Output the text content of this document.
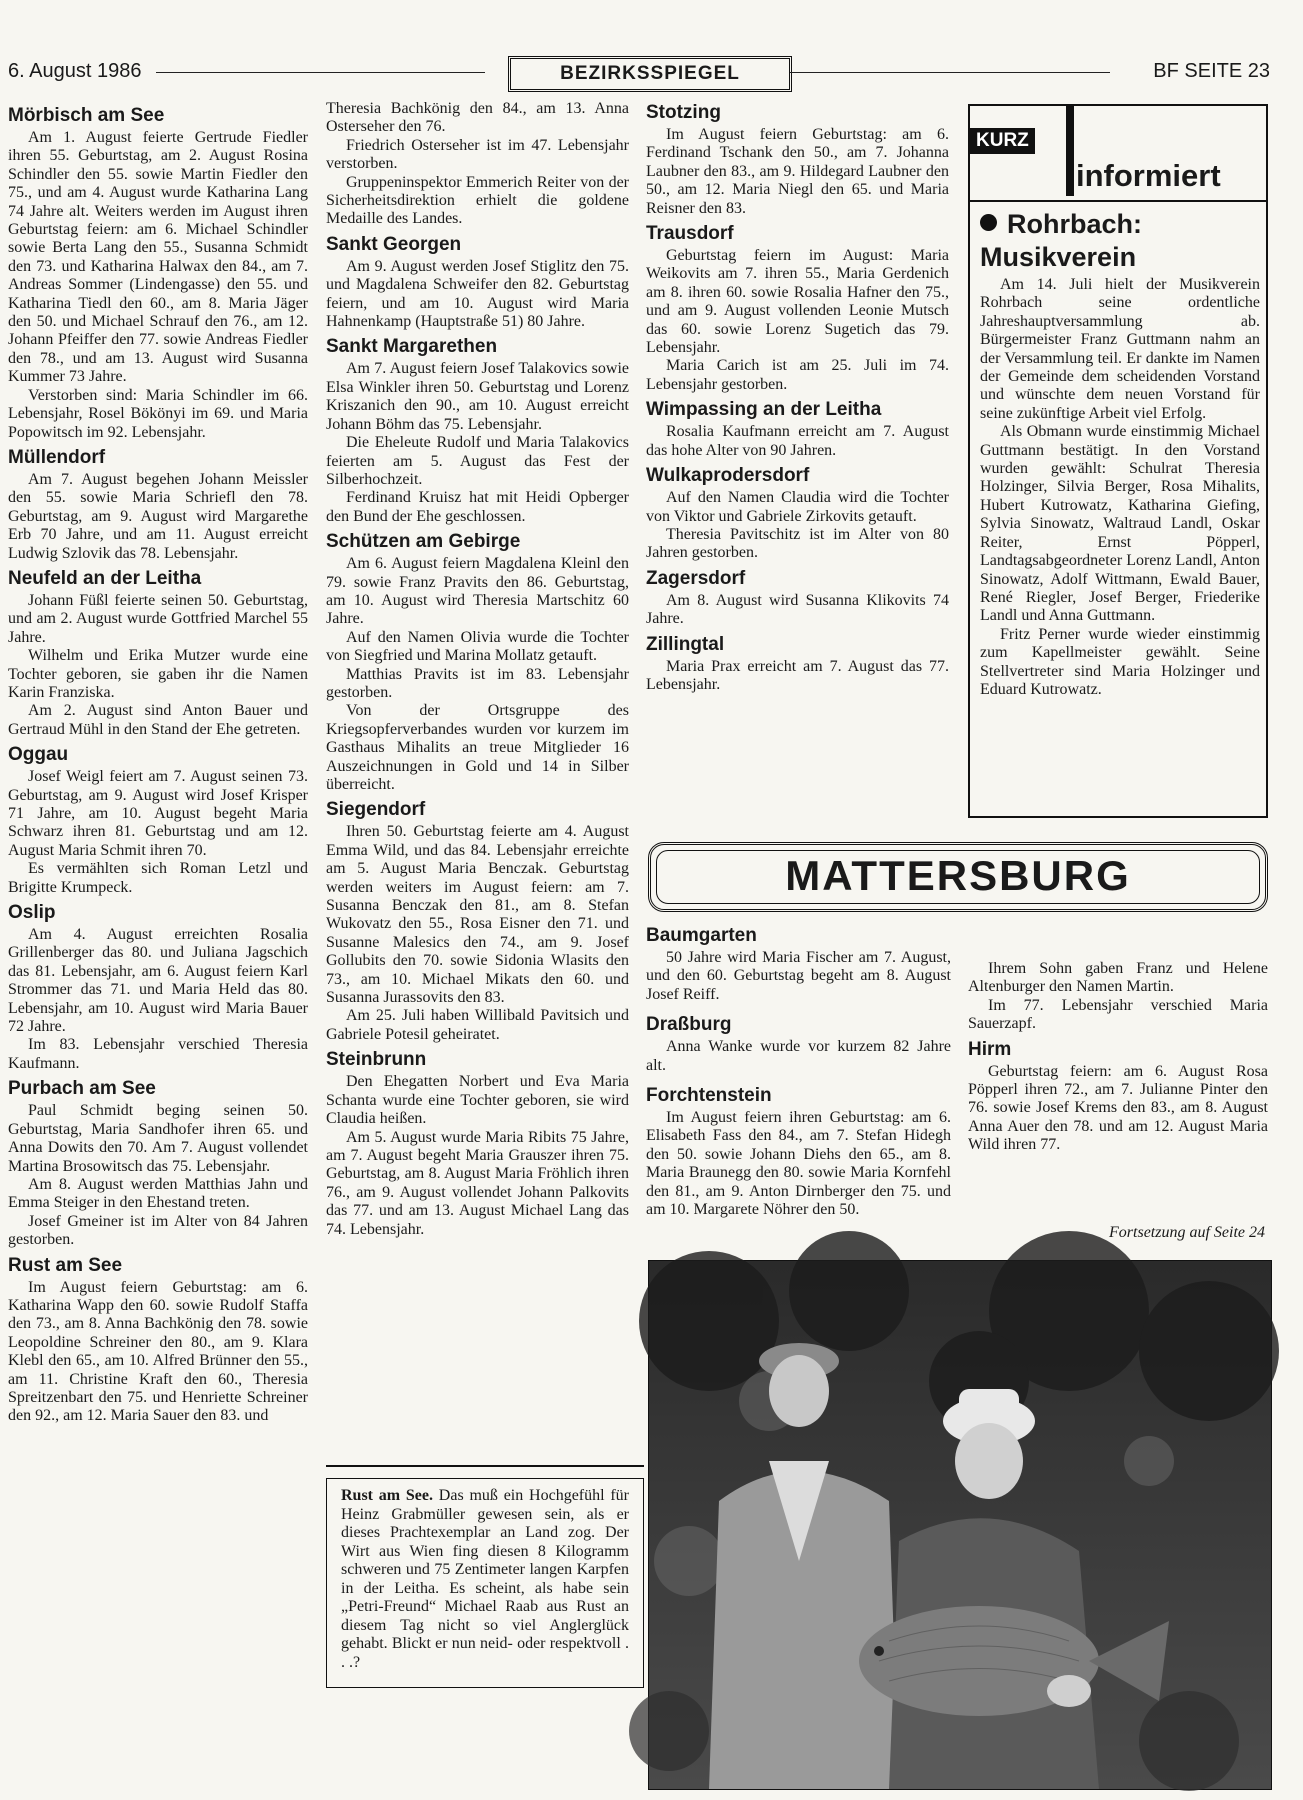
6. August 1986	BEZIRKSSPIEGEL	BF SEITE 23
Mörbisch am See

Am 1. August feierte Gertrude Fiedler ihren 55. Geburtstag, am 2. August Rosina Schindler den 55. sowie Martin Fiedler den 75., und am 4. August wurde Katharina Lang 74 Jahre alt. Weiters werden im August ihren Geburtstag feiern: am 6. Michael Schindler sowie Berta Lang den 55., Susanna Schmidt den 73. und Katharina Halwax den 84., am 7. Andreas Sommer (Lindengasse) den 55. und Katharina Tiedl den 60., am 8. Maria Jäger den 50. und Michael Schrauf den 76., am 12. Johann Pfeiffer den 77. sowie Andreas Fiedler den 78., und am 13. August wird Susanna Kummer 73 Jahre.

Verstorben sind: Maria Schindler im 66. Lebensjahr, Rosel Bökönyi im 69. und Maria Popowitsch im 92. Lebensjahr.

Müllendorf

Am 7. August begehen Johann Meissler den 55. sowie Maria Schriefl den 78. Geburtstag, am 9. August wird Margarethe Erb 70 Jahre, und am 11. August erreicht Ludwig Szlovik das 78. Lebensjahr.

Neufeld an der Leitha

Johann Füßl feierte seinen 50. Geburtstag, und am 2. August wurde Gottfried Marchel 55 Jahre.

Wilhelm und Erika Mutzer wurde eine Tochter geboren, sie gaben ihr die Namen Karin Franziska.

Am 2. August sind Anton Bauer und Gertraud Mühl in den Stand der Ehe getreten.

Oggau

Josef Weigl feiert am 7. August seinen 73. Geburtstag, am 9. August wird Josef Krisper 71 Jahre, am 10. August begeht Maria Schwarz ihren 81. Geburtstag und am 12. August Maria Schmit ihren 70.

Es vermählten sich Roman Letzl und Brigitte Krumpeck.

Oslip

Am 4. August erreichten Rosalia Grillenberger das 80. und Juliana Jagschich das 81. Lebensjahr, am 6. August feiern Karl Strommer das 71. und Maria Held das 80. Lebensjahr, am 10. August wird Maria Bauer 72 Jahre.

Im 83. Lebensjahr verschied Theresia Kaufmann.

Purbach am See

Paul Schmidt beging seinen 50. Geburtstag, Maria Sandhofer ihren 65. und Anna Dowits den 70. Am 7. August vollendet Martina Brosowitsch das 75. Lebensjahr.

Am 8. August werden Matthias Jahn und Emma Steiger in den Ehestand treten.

Josef Gmeiner ist im Alter von 84 Jahren gestorben.

Rust am See

Im August feiern Geburtstag: am 6. Katharina Wapp den 60. sowie Rudolf Staffa den 73., am 8. Anna Bachkönig den 78. sowie Leopoldine Schreiner den 80., am 9. Klara Klebl den 65., am 10. Alfred Brünner den 55., am 11. Christine Kraft den 60., Theresia Spreitzenbart den 75. und Henriette Schreiner den 92., am 12. Maria Sauer den 83. und

Theresia Bachkönig den 84., am 13. Anna Osterseher den 76.

Friedrich Osterseher ist im 47. Lebensjahr verstorben.

Gruppeninspektor Emmerich Reiter von der Sicherheitsdirektion erhielt die goldene Medaille des Landes.

Sankt Georgen

Am 9. August werden Josef Stiglitz den 75. und Magdalena Schweifer den 82. Geburtstag feiern, und am 10. August wird Maria Hahnenkamp (Hauptstraße 51) 80 Jahre.

Sankt Margarethen

Am 7. August feiern Josef Talakovics sowie Elsa Winkler ihren 50. Geburtstag und Lorenz Kriszanich den 90., am 10. August erreicht Johann Böhm das 75. Lebensjahr.

Die Eheleute Rudolf und Maria Talakovics feierten am 5. August das Fest der Silberhochzeit.

Ferdinand Kruisz hat mit Heidi Opberger den Bund der Ehe geschlossen.

Schützen am Gebirge

Am 6. August feiern Magdalena Kleinl den 79. sowie Franz Pravits den 86. Geburtstag, am 10. August wird Theresia Martschitz 60 Jahre.

Auf den Namen Olivia wurde die Tochter von Siegfried und Marina Mollatz getauft.

Matthias Pravits ist im 83. Lebensjahr gestorben.

Von der Ortsgruppe des Kriegsopferverbandes wurden vor kurzem im Gasthaus Mihalits an treue Mitglieder 16 Auszeichnungen in Gold und 14 in Silber überreicht.

Siegendorf

Ihren 50. Geburtstag feierte am 4. August Emma Wild, und das 84. Lebensjahr erreichte am 5. August Maria Benczak. Geburtstag werden weiters im August feiern: am 7. Susanna Benczak den 81., am 8. Stefan Wukovatz den 55., Rosa Eisner den 71. und Susanne Malesics den 74., am 9. Josef Gollubits den 70. sowie Sidonia Wlasits den 73., am 10. Michael Mikats den 60. und Susanna Jurassovits den 83.

Am 25. Juli haben Willibald Pavitsich und Gabriele Potesil geheiratet.

Steinbrunn

Den Ehegatten Norbert und Eva Maria Schanta wurde eine Tochter geboren, sie wird Claudia heißen.

Am 5. August wurde Maria Ribits 75 Jahre, am 7. August begeht Maria Grauszer ihren 75. Geburtstag, am 8. August Maria Fröhlich ihren 76., am 9. August vollendet Johann Palkovits das 77. und am 13. August Michael Lang das 74. Lebensjahr.

Stotzing

Im August feiern Geburtstag: am 6. Ferdinand Tschank den 50., am 7. Johanna Laubner den 83., am 9. Hildegard Laubner den 50., am 12. Maria Niegl den 65. und Maria Reisner den 83.

Trausdorf

Geburtstag feiern im August: Maria Weikovits am 7. ihren 55., Maria Gerdenich am 8. ihren 60. sowie Rosalia Hafner den 75., und am 9. August vollenden Leonie Mutsch das 60. sowie Lorenz Sugetich das 79. Lebensjahr.

Maria Carich ist am 25. Juli im 74. Lebensjahr gestorben.

Wimpassing an der Leitha

Rosalia Kaufmann erreicht am 7. August das hohe Alter von 90 Jahren.

Wulkaprodersdorf

Auf den Namen Claudia wird die Tochter von Viktor und Gabriele Zirkovits getauft.

Theresia Pavitschitz ist im Alter von 80 Jahren gestorben.

Zagersdorf

Am 8. August wird Susanna Klikovits 74 Jahre.

Zillingtal

Maria Prax erreicht am 7. August das 77. Lebensjahr.

KURZ
informiert
Rohrbach: Musikverein

Am 14. Juli hielt der Musikverein Rohrbach seine ordentliche Jahreshauptversammlung ab. Bürgermeister Franz Guttmann nahm an der Versammlung teil. Er dankte im Namen der Gemeinde dem scheidenden Vorstand und wünschte dem neuen Vorstand für seine zukünftige Arbeit viel Erfolg.

Als Obmann wurde einstimmig Michael Guttmann bestätigt. In den Vorstand wurden gewählt: Schulrat Theresia Holzinger, Silvia Berger, Rosa Mihalits, Hubert Kutrowatz, Katharina Giefing, Sylvia Sinowatz, Waltraud Landl, Oskar Reiter, Ernst Pöpperl, Landtagsabgeordneter Lorenz Landl, Anton Sinowatz, Adolf Wittmann, Ewald Bauer, René Riegler, Josef Berger, Friederike Landl und Anna Guttmann.

Fritz Perner wurde wieder einstimmig zum Kapellmeister gewählt. Seine Stellvertreter sind Maria Holzinger und Eduard Kutrowatz.

MATTERSBURG
Baumgarten

50 Jahre wird Maria Fischer am 7. August, und den 60. Geburtstag begeht am 8. August Josef Reiff.

Draßburg

Anna Wanke wurde vor kurzem 82 Jahre alt.

Forchtenstein

Im August feiern ihren Geburtstag: am 6. Elisabeth Fass den 84., am 7. Stefan Hidegh den 50. sowie Johann Diehs den 65., am 8. Maria Braunegg den 80. sowie Maria Kornfehl den 81., am 9. Anton Dirnberger den 75. und am 10. Margarete Nöhrer den 50.

Ihrem Sohn gaben Franz und Helene Altenburger den Namen Martin.

Im 77. Lebensjahr verschied Maria Sauerzapf.

Hirm

Geburtstag feiern: am 6. August Rosa Pöpperl ihren 72., am 7. Julianne Pinter den 76. sowie Josef Krems den 83., am 8. August Anna Auer den 78. und am 12. August Maria Wild ihren 77.

Fortsetzung auf Seite 24
Rust am See. Das muß ein Hochgefühl für Heinz Grabmüller gewesen sein, als er dieses Prachtexemplar an Land zog. Der Wirt aus Wien fing diesen 8 Kilogramm schweren und 75 Zentimeter langen Karpfen in der Leitha. Es scheint, als habe sein „Petri-Freund“ Michael Raab aus Rust an diesem Tag nicht so viel Anglerglück gehabt. Blickt er nun neid- oder respektvoll . . .?
